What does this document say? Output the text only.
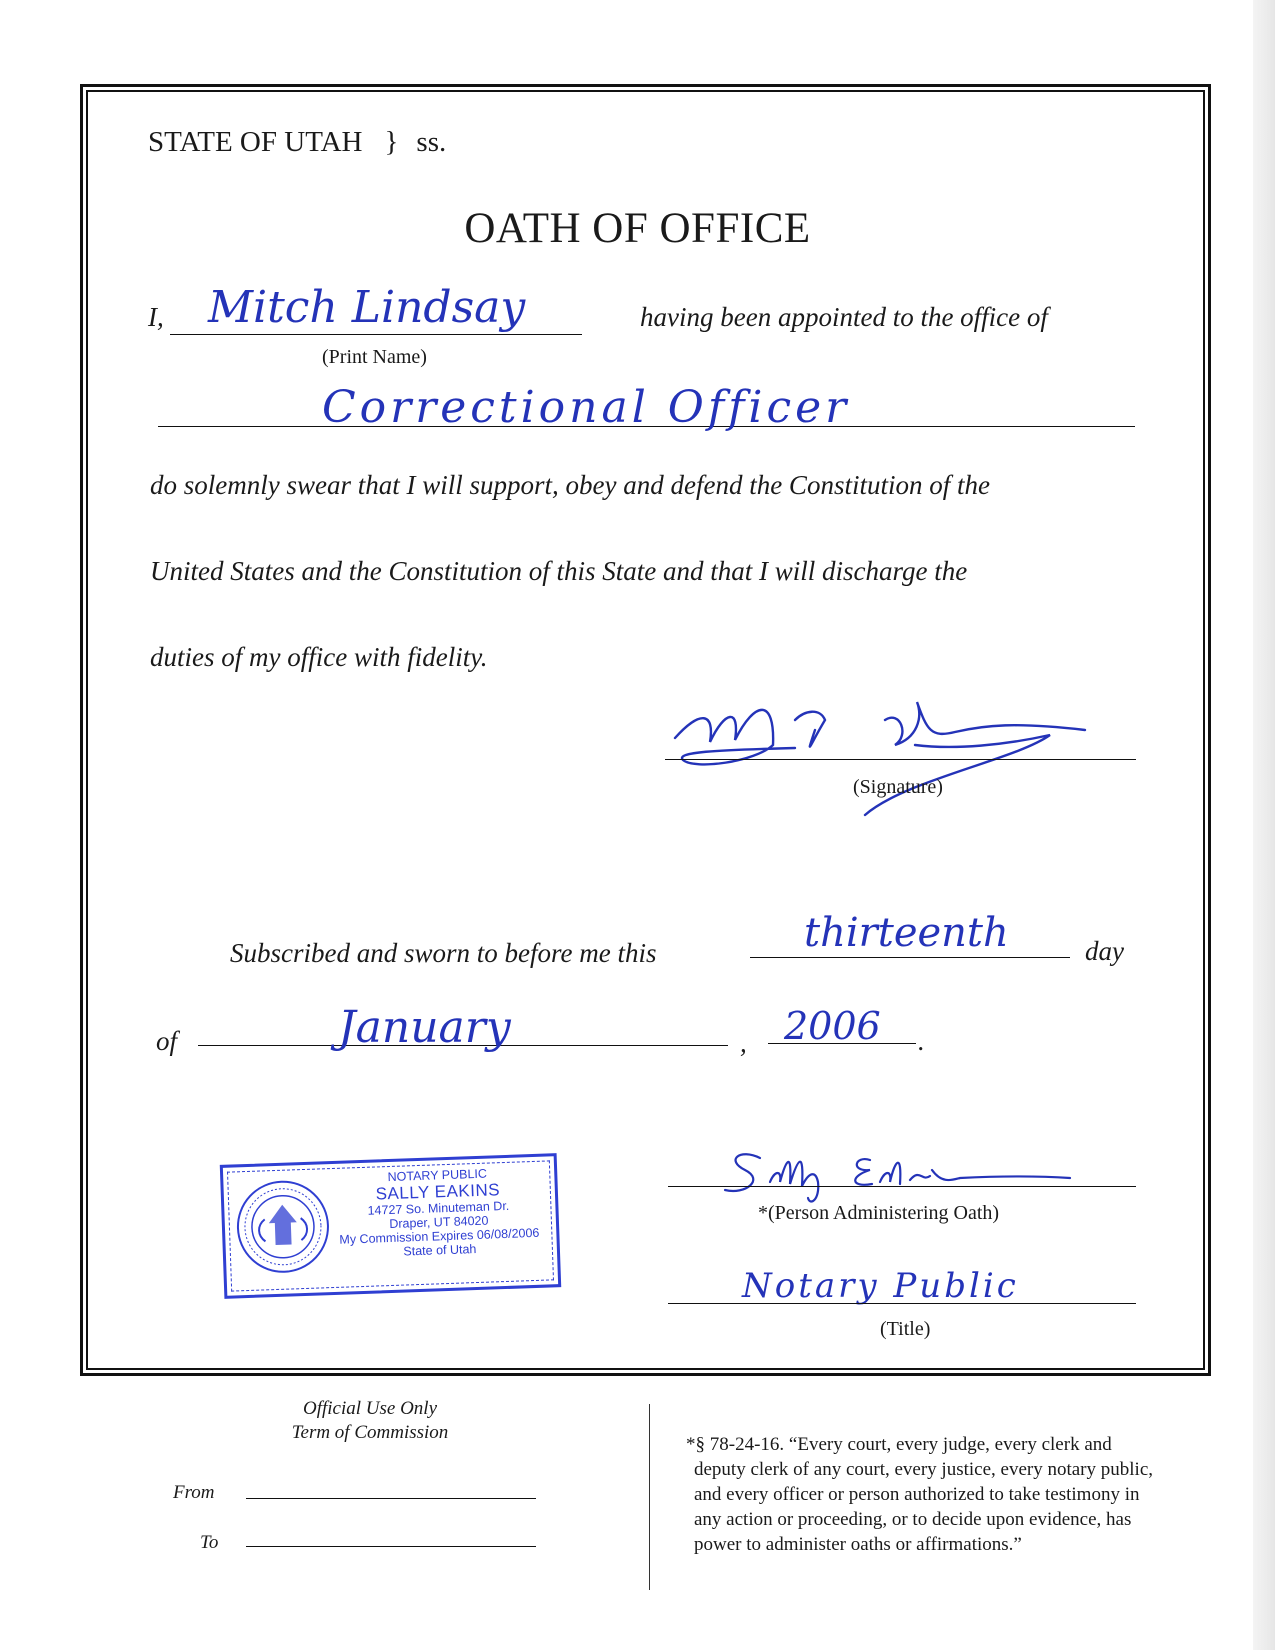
STATE OF UTAH } ss.
OATH OF OFFICE
I, Mitch Lindsay
(Print Name)
having been appointed to the office of
Correctional Officer
do solemnly swear that I will support, obey and defend the Constitution of the
United States and the Constitution of this State and that I will discharge the
duties of my office with fidelity.
(Signature)
Subscribed and sworn to before me this	thirteenth	day
of	January	, 2006 .
NOTARY PUBLIC
SALLY EAKINS
14727 So. Minuteman Dr.
Draper, UT 84020
My Commission Expires 06/08/2006
State of Utah
*(Person Administering Oath)
Notary Public
(Title)
Official Use Only
Term of Commission
From
To
*§ 78-24-16. “Every court, every judge, every clerk and
deputy clerk of any court, every justice, every notary public,
and every officer or person authorized to take testimony in
any action or proceeding, or to decide upon evidence, has
power to administer oaths or affirmations.”
